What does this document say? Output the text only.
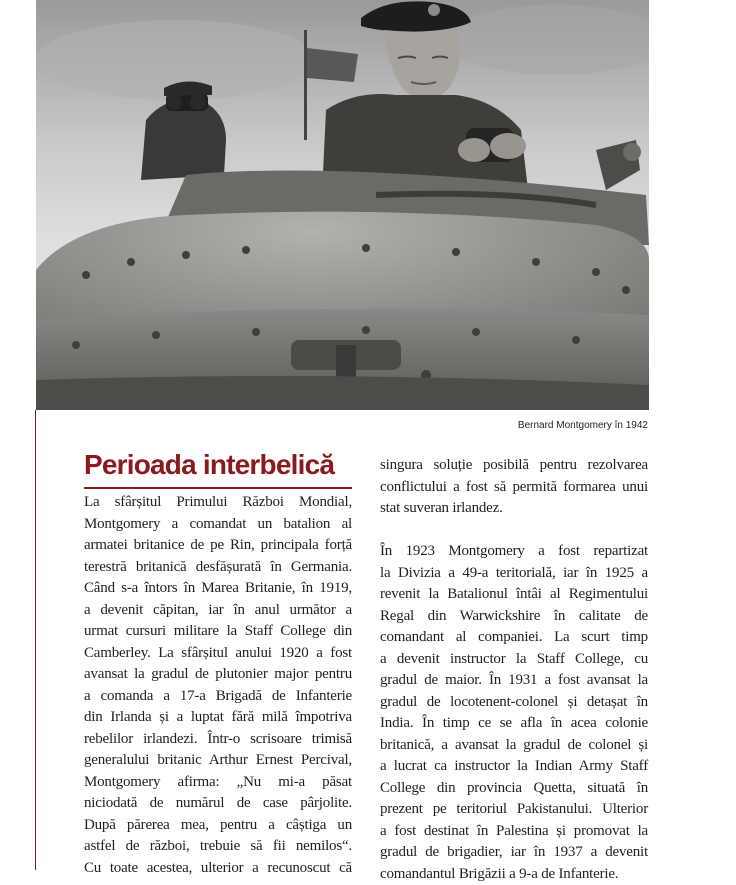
Bernard Montgomery în 1942
Perioada interbelică

La sfârșitul Primului Război Mondial,
Montgomery a comandat un batalion al
armatei britanice de pe Rin, principala forță
terestră britanică desfășurată în Germania.
Când s-a întors în Marea Britanie, în 1919,
a devenit căpitan, iar în anul următor a
urmat cursuri militare la Staff College din
Camberley. La sfârșitul anului 1920 a fost
avansat la gradul de plutonier major pentru
a comanda a 17-a Brigadă de Infanterie
din Irlanda și a luptat fără milă împotriva
rebelilor irlandezi. Într-o scrisoare trimisă
generalului britanic Arthur Ernest Percival,
Montgomery afirma: „Nu mi-a păsat
niciodată de numărul de case pârjolite.
După părerea mea, pentru a câștiga un
astfel de război, trebuie să fii nemilos“.
Cu toate acestea, ulterior a recunoscut că

singura soluție posibilă pentru rezolvarea
conflictului a fost să permită formarea unui
stat suveran irlandez.

În 1923 Montgomery a fost repartizat
la Divizia a 49-a teritorială, iar în 1925 a
revenit la Batalionul întâi al Regimentului
Regal din Warwickshire în calitate de
comandant al companiei. La scurt timp
a devenit instructor la Staff College, cu
gradul de maior. În 1931 a fost avansat la
gradul de locotenent-colonel și detașat în
India. În timp ce se afla în acea colonie
britanică, a avansat la gradul de colonel și
a lucrat ca instructor la Indian Army Staff
College din provincia Quetta, situată în
prezent pe teritoriul Pakistanului. Ulterior
a fost destinat în Palestina și promovat la
gradul de brigadier, iar în 1937 a devenit
comandantul Brigăzii a 9-a de Infanterie.
